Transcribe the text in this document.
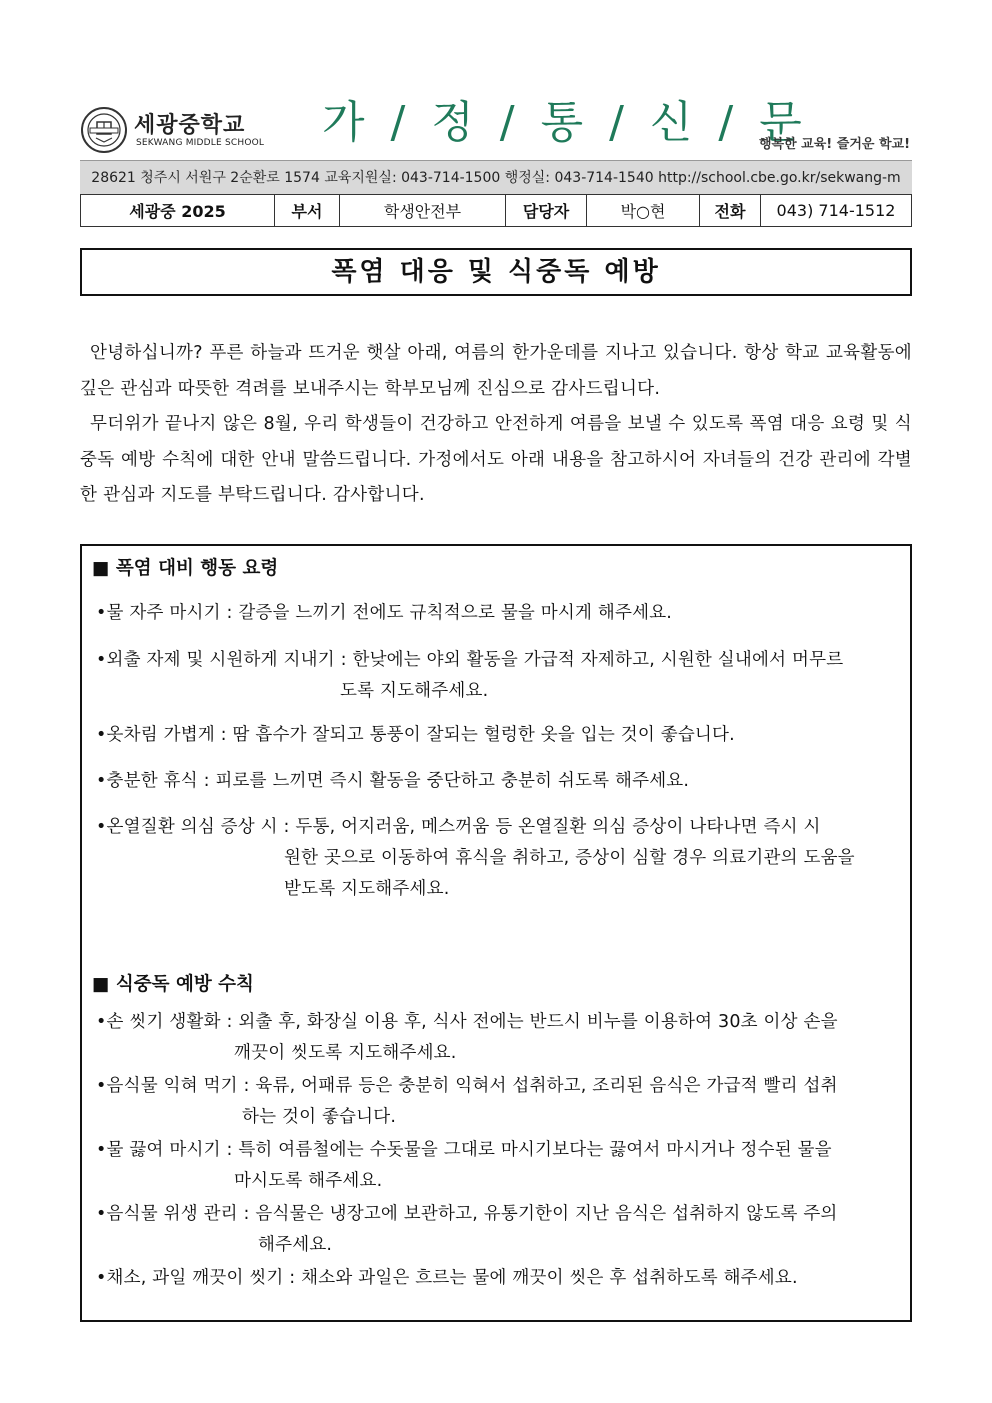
세광중학교
SEKWANG MIDDLE SCHOOL 가 / 정 / 통 / 신 / 문
행복한 교육! 즐거운 학교!
28621 청주시 서원구 2순환로 1574 교육지원실: 043-714-1500 행정실: 043-714-1540 http://school.cbe.go.kr/sekwang-m
세광중 2025	부서	학생안전부	담당자	박○현	전화	043) 714-1512
폭염 대응 및 식중독 예방

안녕하십니까? 푸른 하늘과 뜨거운 햇살 아래, 여름의 한가운데를 지나고 있습니다. 항상 학교 교육활동에 깊은 관심과 따뜻한 격려를 보내주시는 학부모님께 진심으로 감사드립니다.

무더위가 끝나지 않은 8월, 우리 학생들이 건강하고 안전하게 여름을 보낼 수 있도록 폭염 대응 요령 및 식중독 예방 수칙에 대한 안내 말씀드립니다. 가정에서도 아래 내용을 참고하시어 자녀들의 건강 관리에 각별한 관심과 지도를 부탁드립니다. 감사합니다.

■ 폭염 대비 행동 요령
•물 자주 마시기 : 갈증을 느끼기 전에도 규칙적으로 물을 마시게 해주세요.
•외출 자제 및 시원하게 지내기 : 한낮에는 야외 활동을 가급적 자제하고, 시원한 실내에서 머무르
도록 지도해주세요.
•옷차림 가볍게 : 땀 흡수가 잘되고 통풍이 잘되는 헐렁한 옷을 입는 것이 좋습니다.
•충분한 휴식 : 피로를 느끼면 즉시 활동을 중단하고 충분히 쉬도록 해주세요.
•온열질환 의심 증상 시 : 두통, 어지러움, 메스꺼움 등 온열질환 의심 증상이 나타나면 즉시 시
원한 곳으로 이동하여 휴식을 취하고, 증상이 심할 경우 의료기관의 도움을
받도록 지도해주세요.
■ 식중독 예방 수칙
•손 씻기 생활화 : 외출 후, 화장실 이용 후, 식사 전에는 반드시 비누를 이용하여 30초 이상 손을
깨끗이 씻도록 지도해주세요.
•음식물 익혀 먹기 : 육류, 어패류 등은 충분히 익혀서 섭취하고, 조리된 음식은 가급적 빨리 섭취
하는 것이 좋습니다.
•물 끓여 마시기 : 특히 여름철에는 수돗물을 그대로 마시기보다는 끓여서 마시거나 정수된 물을
마시도록 해주세요.
•음식물 위생 관리 : 음식물은 냉장고에 보관하고, 유통기한이 지난 음식은 섭취하지 않도록 주의
해주세요.
•채소, 과일 깨끗이 씻기 : 채소와 과일은 흐르는 물에 깨끗이 씻은 후 섭취하도록 해주세요.
